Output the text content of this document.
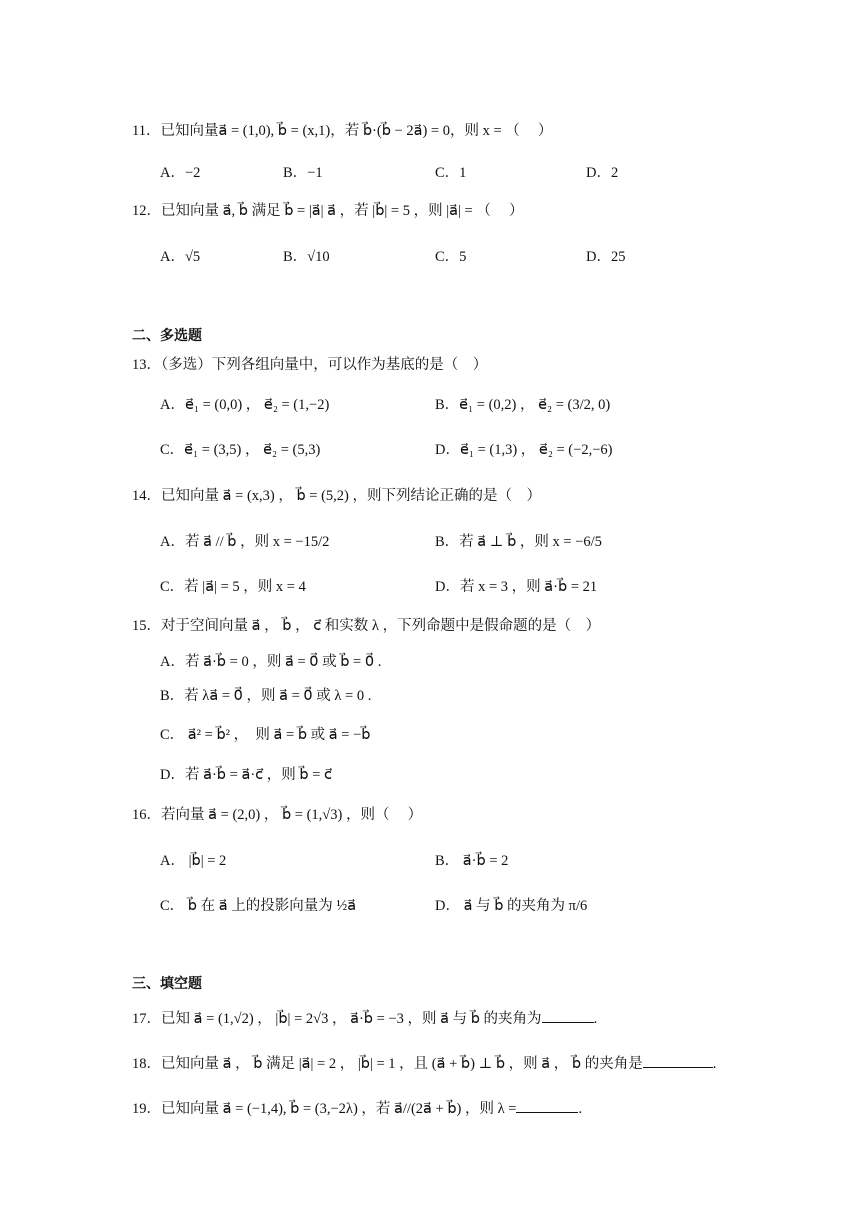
11．已知向量a⃗ = (1,0), b⃗ = (x,1)，若 b⃗·(b⃗ − 2a⃗) = 0，则 x = （　 ）
A．−2	B．−1	C．1	D．2
12．已知向量 a⃗, b⃗ 满足 b⃗ = |a⃗| a⃗ ，若 |b⃗| = 5 ，则 |a⃗| = （　 ）
A．√5	B．√10	C．5	D．25
二、多选题
13．（多选）下列各组向量中，可以作为基底的是（　）
A．e⃗₁ = (0,0) ， e⃗₂ = (1,−2)	B．e⃗₁ = (0,2) ， e⃗₂ = (3/2, 0)
C．e⃗₁ = (3,5) ， e⃗₂ = (5,3)	D．e⃗₁ = (1,3) ， e⃗₂ = (−2,−6)
14．已知向量 a⃗ = (x,3) ， b⃗ = (5,2) ，则下列结论正确的是（　）
A．若 a⃗ // b⃗ ，则 x = −15/2	B．若 a⃗ ⊥ b⃗ ，则 x = −6/5
C．若 |a⃗| = 5 ，则 x = 4	D．若 x = 3 ，则 a⃗·b⃗ = 21
15．对于空间向量 a⃗ ， b⃗ ， c⃗ 和实数 λ ，下列命题中是假命题的是（　）
A．若 a⃗·b⃗ = 0 ，则 a⃗ = 0⃗ 或 b⃗ = 0⃗ .
B．若 λa⃗ = 0⃗ ，则 a⃗ = 0⃗ 或 λ = 0 .
C． a⃗² = b⃗² ，　则 a⃗ = b⃗ 或 a⃗ = −b⃗
D．若 a⃗·b⃗ = a⃗·c⃗ ，则 b⃗ = c⃗
16．若向量 a⃗ = (2,0) ， b⃗ = (1,√3) ，则（　 ）
A． |b⃗| = 2	B． a⃗·b⃗ = 2
C． b⃗ 在 a⃗ 上的投影向量为 ½a⃗	D． a⃗ 与 b⃗ 的夹角为 π/6
三、填空题
17．已知 a⃗ = (1,√2) ， |b⃗| = 2√3 ， a⃗·b⃗ = −3 ，则 a⃗ 与 b⃗ 的夹角为	.
18．已知向量 a⃗ ， b⃗ 满足 |a⃗| = 2 ， |b⃗| = 1 ，且 (a⃗ + b⃗) ⊥ b⃗ ，则 a⃗ ， b⃗ 的夹角是	.
19．已知向量 a⃗ = (−1,4), b⃗ = (3,−2λ) ，若 a⃗//(2a⃗ + b⃗) ，则 λ =	.
